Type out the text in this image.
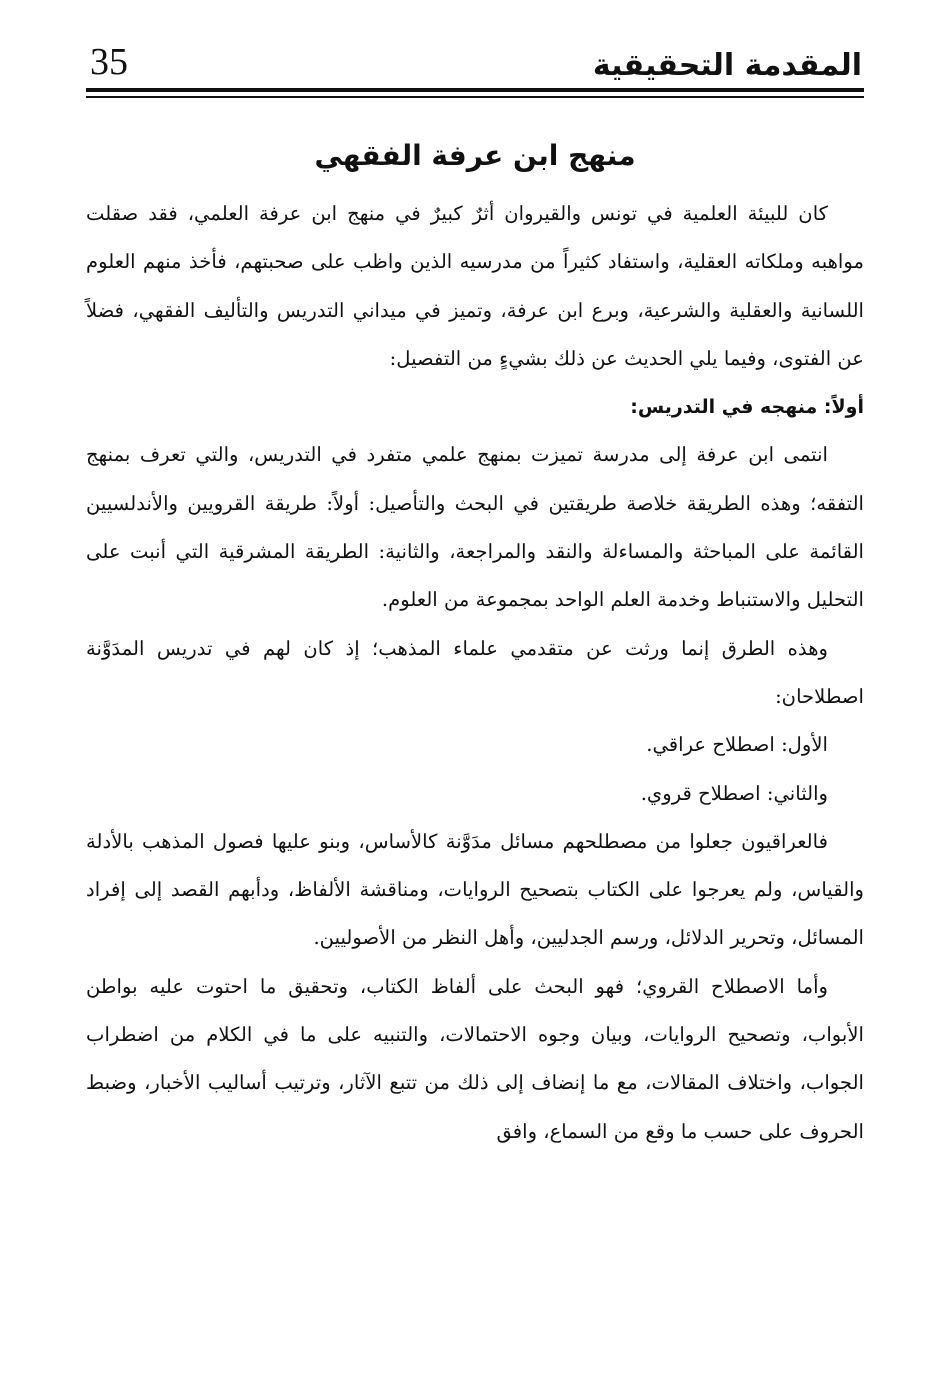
35	المقدمة التحقيقية
منهج ابن عرفة الفقهي

كان للبيئة العلمية في تونس والقيروان أثرٌ كبيرٌ في منهج ابن عرفة العلمي، فقد صقلت مواهبه وملكاته العقلية، واستفاد كثيراً من مدرسيه الذين واظب على صحبتهم، فأخذ منهم العلوم اللسانية والعقلية والشرعية، وبرع ابن عرفة، وتميز في ميداني التدريس والتأليف الفقهي، فضلاً عن الفتوى، وفيما يلي الحديث عن ذلك بشيءٍ من التفصيل:

أولاً: منهجه في التدريس:

انتمى ابن عرفة إلى مدرسة تميزت بمنهج علمي متفرد في التدريس، والتي تعرف بمنهج التفقه؛ وهذه الطريقة خلاصة طريقتين في البحث والتأصيل: أولاً: طريقة القرويين والأندلسيين القائمة على المباحثة والمساءلة والنقد والمراجعة، والثانية: الطريقة المشرقية التي أنبت على التحليل والاستنباط وخدمة العلم الواحد بمجموعة من العلوم.

وهذه الطرق إنما ورثت عن متقدمي علماء المذهب؛ إذ كان لهم في تدريس المدَوَّنة اصطلاحان:

الأول: اصطلاح عراقي.

والثاني: اصطلاح قروي.

فالعراقيون جعلوا من مصطلحهم مسائل مدَوَّنة كالأساس، وبنو عليها فصول المذهب بالأدلة والقياس، ولم يعرجوا على الكتاب بتصحيح الروايات، ومناقشة الألفاظ، ودأبهم القصد إلى إفراد المسائل، وتحرير الدلائل، ورسم الجدليين، وأهل النظر من الأصوليين.

وأما الاصطلاح القروي؛ فهو البحث على ألفاظ الكتاب، وتحقيق ما احتوت عليه بواطن الأبواب، وتصحيح الروايات، وبيان وجوه الاحتمالات، والتنبيه على ما في الكلام من اضطراب الجواب، واختلاف المقالات، مع ما إنضاف إلى ذلك من تتبع الآثار، وترتيب أساليب الأخبار، وضبط الحروف على حسب ما وقع من السماع، وافق
